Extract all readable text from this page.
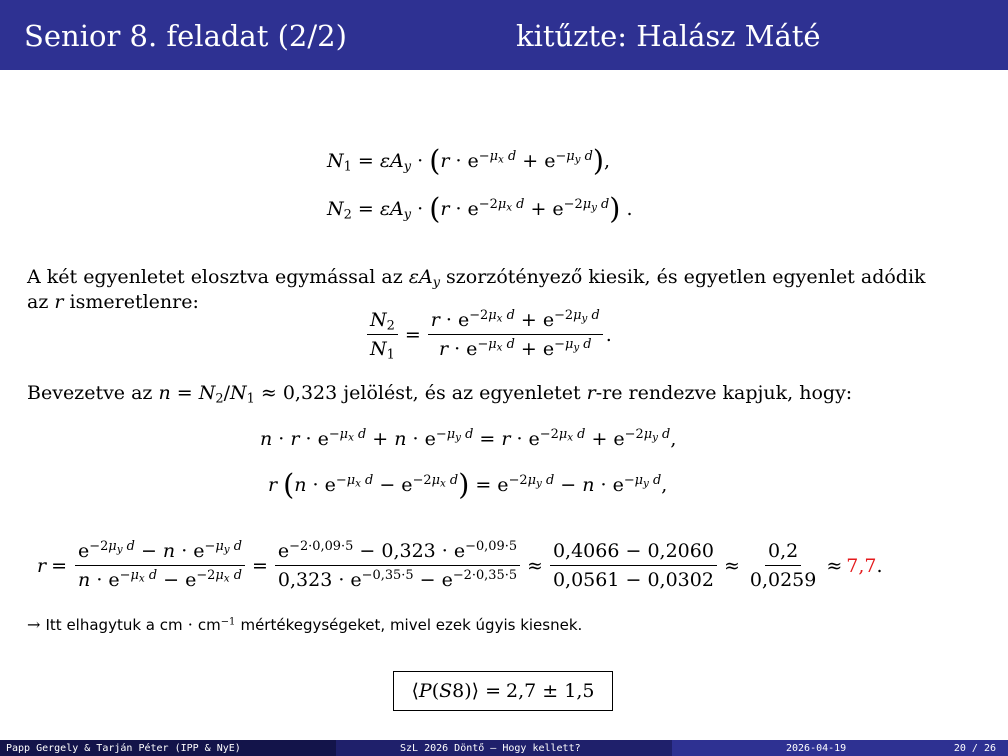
Senior 8. feladat (2/2)	kitűzte: Halász Máté
$N_1 = \varepsilon A_y \cdot (r \cdot e^{-\mu_x d} + e^{-\mu_y d})$,
$N_2 = \varepsilon A_y \cdot (r \cdot e^{-2\mu_x d} + e^{-2\mu_y d})$ .
A két egyenletet elosztva egymással az $\varepsilon A_y$ szorzótényező kiesik, és egyetlen egyenlet adódik
az r ismeretlenre:
$\frac{N_2}{N_1} = \frac{r \cdot e^{-2\mu_x d} + e^{-2\mu_y d}}{r \cdot e^{-\mu_x d} + e^{-\mu_y d}}$ .
Bevezetve az $n = N_2/N_1 \approx 0,323$ jelölést, és az egyenletet r-re rendezve kapjuk, hogy:
$n \cdot r \cdot e^{-\mu_x d} + n \cdot e^{-\mu_y d} = r \cdot e^{-2\mu_x d} + e^{-2\mu_y d}$,
r $(n \cdot e^{-\mu_x d} - e^{-2\mu_x d}) = e^{-2\mu_y d} - n \cdot e^{-\mu_y d}$,
$r = \frac{e^{-2\mu_y d} - n \cdot e^{-\mu_y d}}{n \cdot e^{-\mu_x d} - e^{-2\mu_x d}} = \frac{e^{-2\cdot 0,09\cdot 5} - 0,323 \cdot e^{-0,09\cdot 5}}{0,323 \cdot e^{-0,35\cdot 5} - e^{-2\cdot 0,35\cdot 5}} \approx \frac{0,4066 - 0,2060}{0,0561 - 0,0302} \approx \frac{0,2}{0,0259} \approx 7,7$ .
→ Itt elhagytuk a cm · $cm^{-1}$ mértékegységeket, mivel ezek úgyis kiesnek.
⟨ P ( S 8)⟩ = 2,7 ± 1,5
Papp Gergely & Tarján Péter (IPP & NyE)	SzL 2026 Döntő – Hogy kellett?	2026-04-19	20 / 26
